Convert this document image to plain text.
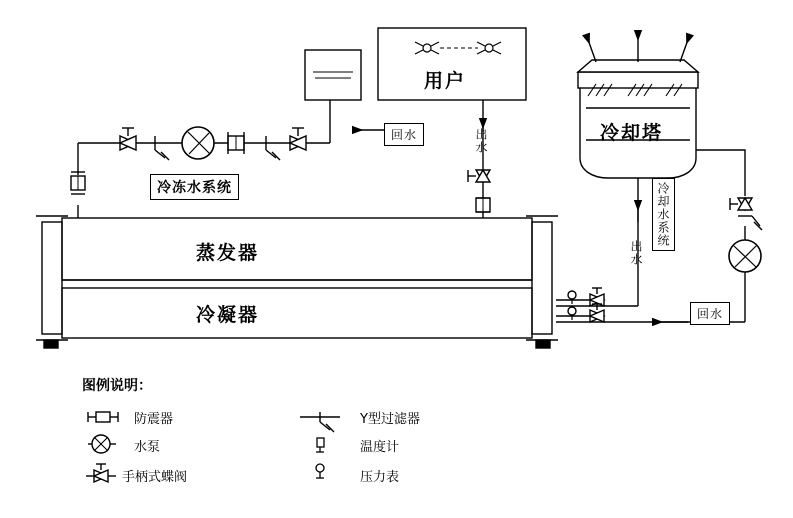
蒸发器
冷凝器
冷冻水系统
用户
冷却塔
冷却水系统
回水	出水
出水
回水
图例说明：
防震器	Y型过滤器
水泵	温度计
手柄式蝶阀	压力表
